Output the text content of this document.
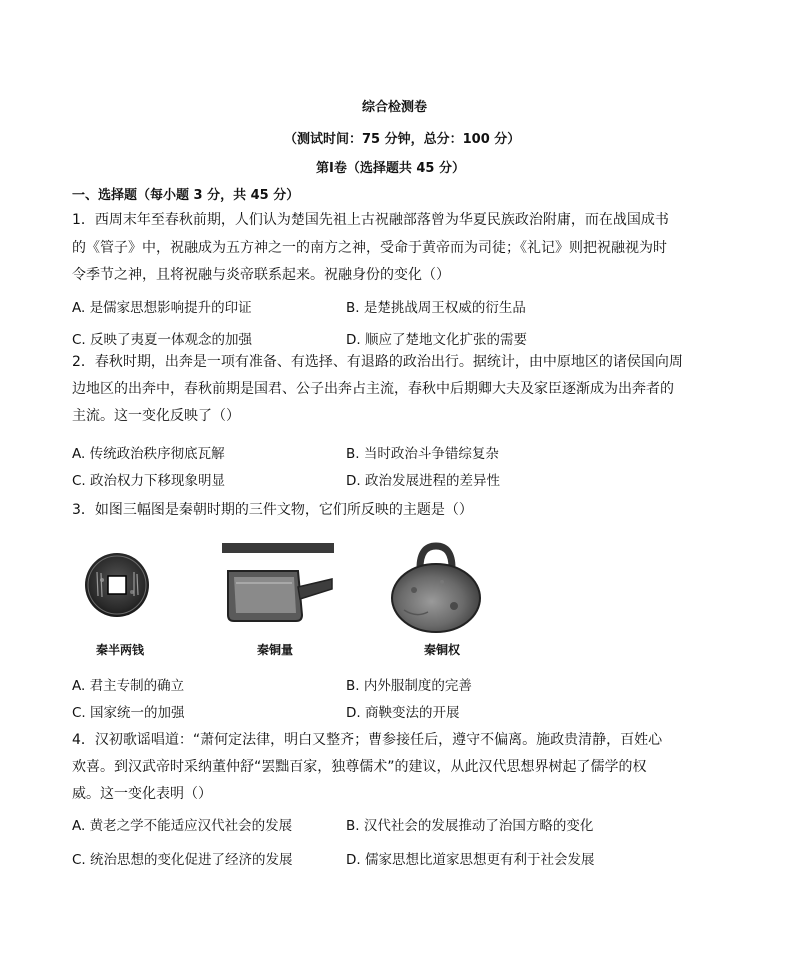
综合检测卷
（测试时间：75 分钟，总分：100 分）
第Ⅰ卷（选择题共 45 分）
一、选择题（每小题 3 分，共 45 分）
1．西周末年至春秋前期，人们认为楚国先祖上古祝融部落曾为华夏民族政治附庸，而在战国成书
的《管子》中，祝融成为五方神之一的南方之神，受命于黄帝而为司徒；《礼记》则把祝融视为时
令季节之神，且将祝融与炎帝联系起来。祝融身份的变化（）
A. 是儒家思想影响提升的印证	B. 是楚挑战周王权威的衍生品
C. 反映了夷夏一体观念的加强	D. 顺应了楚地文化扩张的需要
2．春秋时期，出奔是一项有准备、有选择、有退路的政治出行。据统计，由中原地区的诸侯国向周
边地区的出奔中，春秋前期是国君、公子出奔占主流，春秋中后期卿大夫及家臣逐渐成为出奔者的
主流。这一变化反映了（）
A. 传统政治秩序彻底瓦解	B. 当时政治斗争错综复杂
C. 政治权力下移现象明显	D. 政治发展进程的差异性
3．如图三幅图是秦朝时期的三件文物，它们所反映的主题是（）
秦半两钱	秦铜量	秦铜权
A. 君主专制的确立	B. 内外服制度的完善
C. 国家统一的加强	D. 商鞅变法的开展
4．汉初歌谣唱道：“萧何定法律，明白又整齐；曹参接任后，遵守不偏离。施政贵清静，百姓心
欢喜。到汉武帝时采纳董仲舒“罢黜百家，独尊儒术”的建议，从此汉代思想界树起了儒学的权
威。这一变化表明（）
A. 黄老之学不能适应汉代社会的发展	B. 汉代社会的发展推动了治国方略的变化
C. 统治思想的变化促进了经济的发展	D. 儒家思想比道家思想更有利于社会发展
